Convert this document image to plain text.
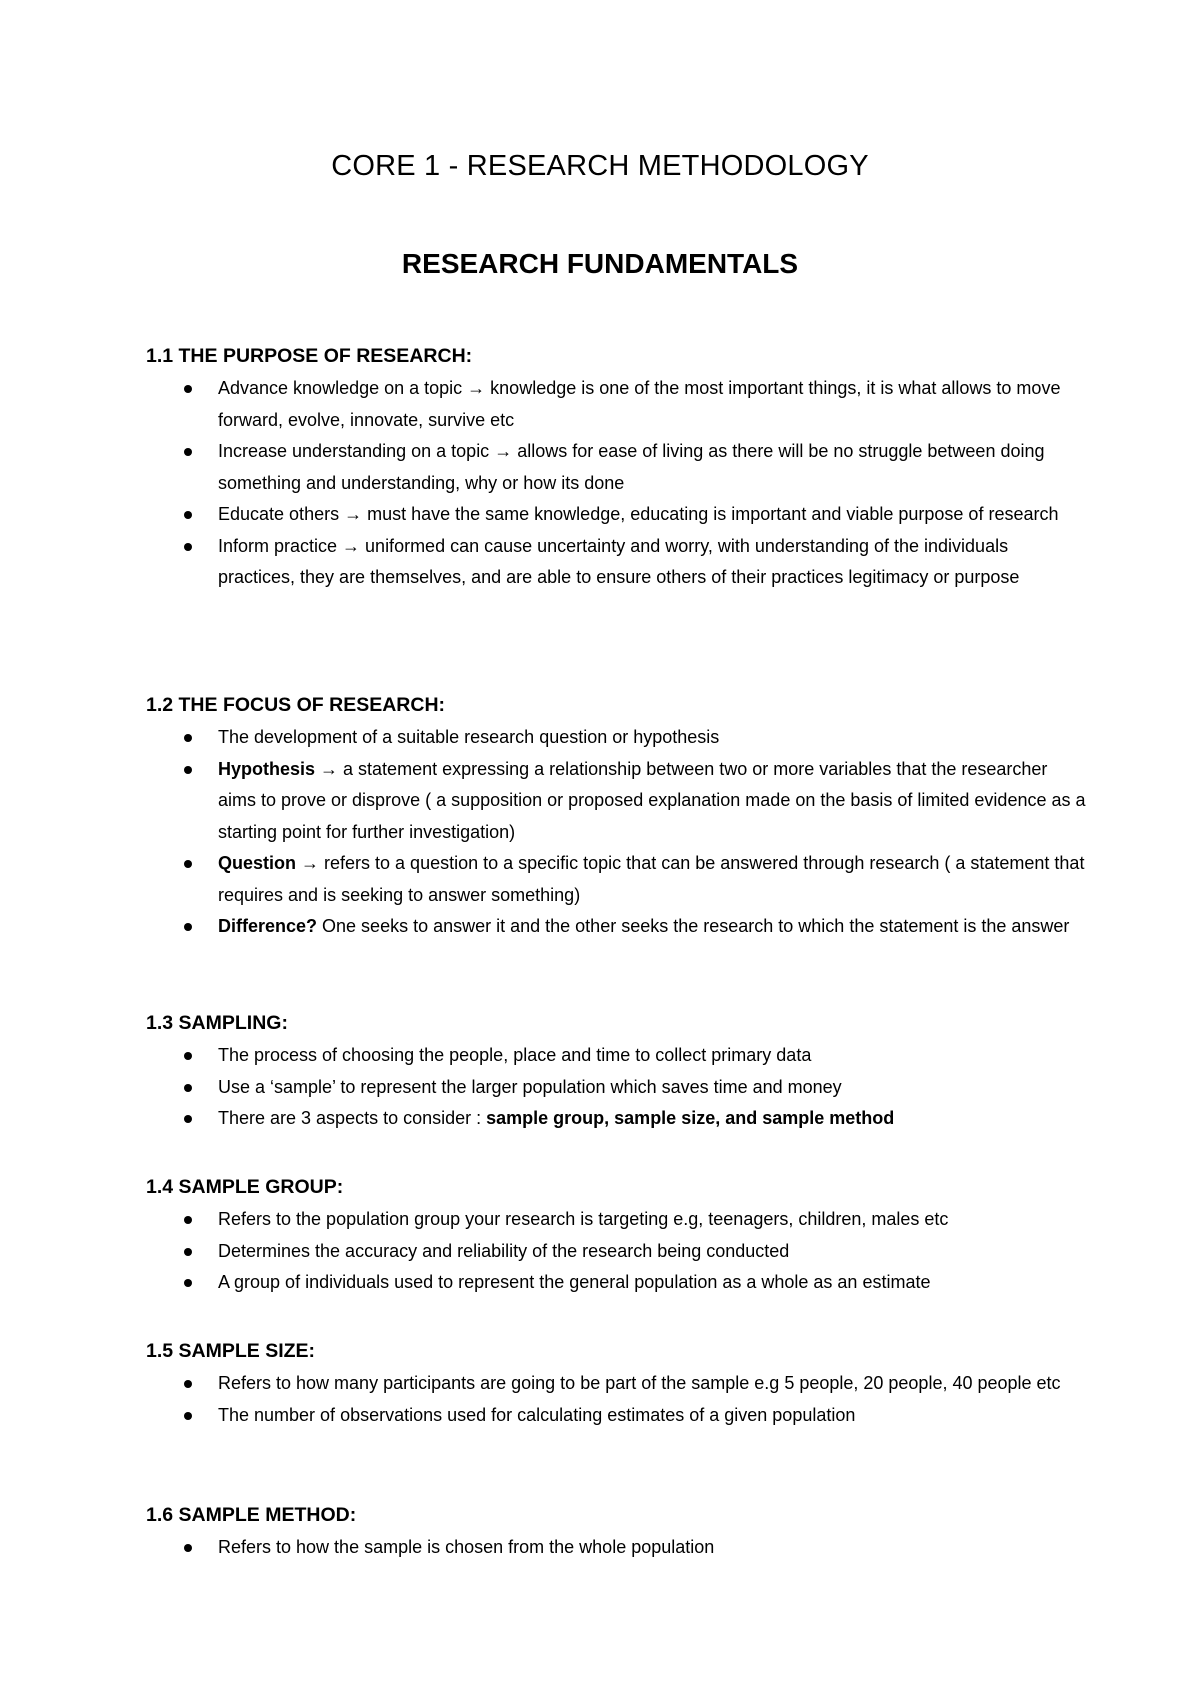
CORE 1 - RESEARCH METHODOLOGY
RESEARCH FUNDAMENTALS
1.1 THE PURPOSE OF RESEARCH:
Advance knowledge on a topic → knowledge is one of the most important things, it is what allows to move forward, evolve, innovate, survive etc
Increase understanding on a topic → allows for ease of living as there will be no struggle between doing something and understanding, why or how its done
Educate others → must have the same knowledge, educating is important and viable purpose of research
Inform practice → uniformed can cause uncertainty and worry, with understanding of the individuals practices, they are themselves, and are able to ensure others of their practices legitimacy or purpose
1.2 THE FOCUS OF RESEARCH:
The development of a suitable research question or hypothesis
Hypothesis → a statement expressing a relationship between two or more variables that the researcher aims to prove or disprove ( a supposition or proposed explanation made on the basis of limited evidence as a starting point for further investigation)
Question → refers to a question to a specific topic that can be answered through research ( a statement that requires and is seeking to answer something)
Difference? One seeks to answer it and the other seeks the research to which the statement is the answer
1.3 SAMPLING:
The process of choosing the people, place and time to collect primary data
Use a ‘sample’ to represent the larger population which saves time and money
There are 3 aspects to consider : sample group, sample size, and sample method
1.4 SAMPLE GROUP:
Refers to the population group your research is targeting e.g, teenagers, children, males etc
Determines the accuracy and reliability of the research being conducted
A group of individuals used to represent the general population as a whole as an estimate
1.5 SAMPLE SIZE:
Refers to how many participants are going to be part of the sample e.g 5 people, 20 people, 40 people etc
The number of observations used for calculating estimates of a given population
1.6 SAMPLE METHOD:
Refers to how the sample is chosen from the whole population
